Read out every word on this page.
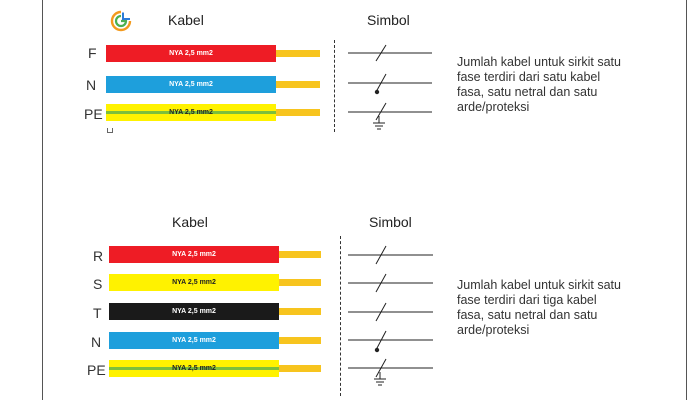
Kabel	Simbol
F	NYA 2,5 mm2
N	NYA 2,5 mm2
PE	NYA 2,5 mm2
Jumlah kabel untuk sirkit satu fase terdiri dari satu kabel fasa, satu netral dan satu arde/proteksi
Kabel	Simbol
R	NYA 2,5 mm2
S	NYA 2,5 mm2
T	NYA 2,5 mm2
N	NYA 2,5 mm2
PE	NYA 2,5 mm2
Jumlah kabel untuk sirkit satu fase terdiri dari tiga kabel fasa, satu netral dan satu arde/proteksi
